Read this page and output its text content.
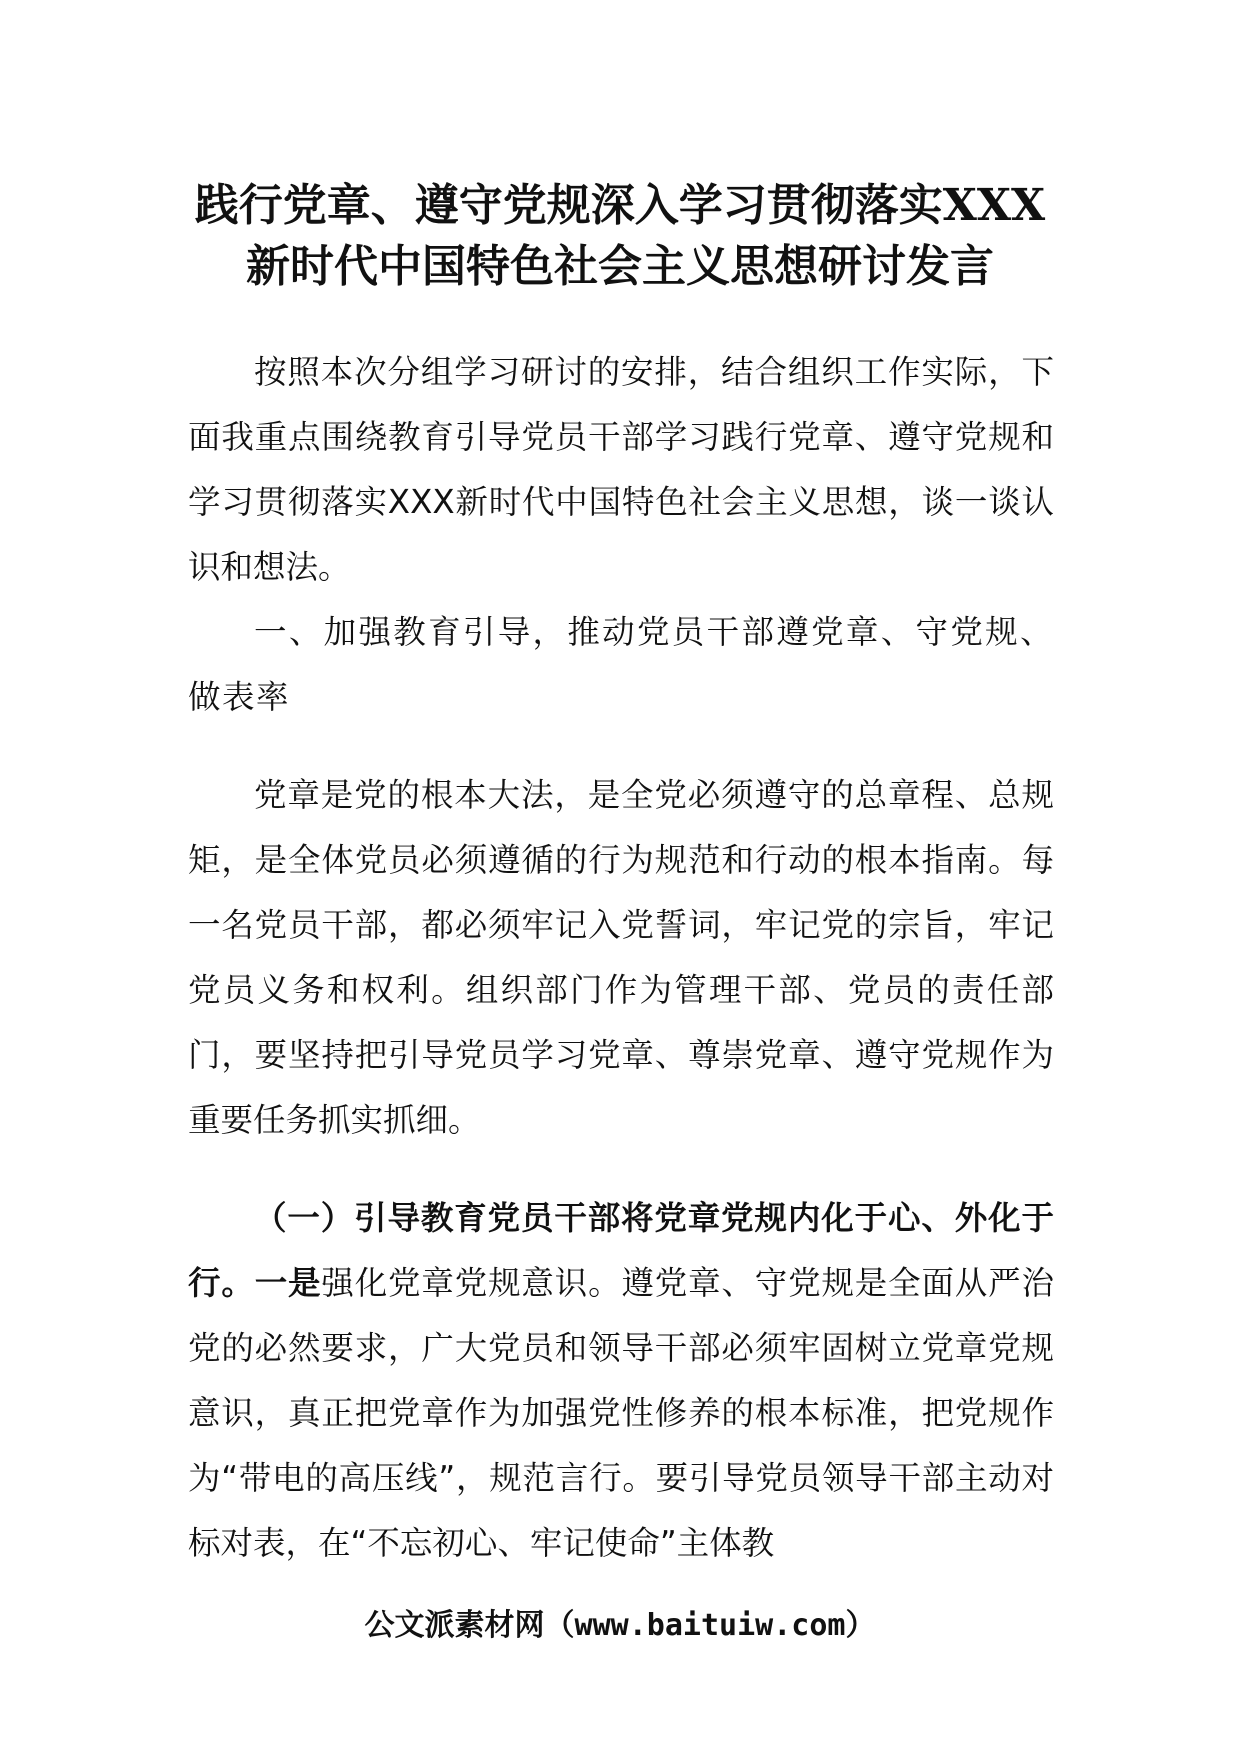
践行党章、遵守党规深入学习贯彻落实XXX
新时代中国特色社会主义思想研讨发言

按照本次分组学习研讨的安排，结合组织工作实际，下面我重点围绕教育引导党员干部学习践行党章、遵守党规和学习贯彻落实XXX新时代中国特色社会主义思想，谈一谈认识和想法。

一、加强教育引导，推动党员干部遵党章、守党规、做表率

党章是党的根本大法，是全党必须遵守的总章程、总规矩，是全体党员必须遵循的行为规范和行动的根本指南。每一名党员干部，都必须牢记入党誓词，牢记党的宗旨，牢记党员义务和权利。组织部门作为管理干部、党员的责任部门，要坚持把引导党员学习党章、尊崇党章、遵守党规作为重要任务抓实抓细。

（一）引导教育党员干部将党章党规内化于心、外化于行。一是强化党章党规意识。遵党章、守党规是全面从严治党的必然要求，广大党员和领导干部必须牢固树立党章党规意识，真正把党章作为加强党性修养的根本标准，把党规作为“带电的高压线”，规范言行。要引导党员领导干部主动对标对表，在“不忘初心、牢记使命”主体教

公文派素材网（www.baituiw.com）
